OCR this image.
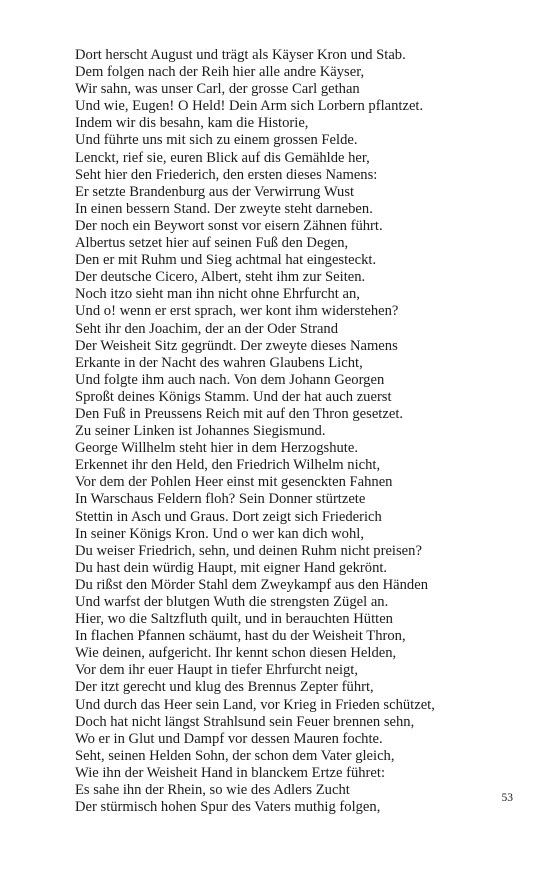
Dort herscht August und trägt als Käyser Kron und Stab.
Dem folgen nach der Reih hier alle andre Käyser,
Wir sahn, was unser Carl, der grosse Carl gethan
Und wie, Eugen! O Held! Dein Arm sich Lorbern pflantzet.
Indem wir dis besahn, kam die Historie,
Und führte uns mit sich zu einem grossen Felde.
Lenckt, rief sie, euren Blick auf dis Gemählde her,
Seht hier den Friederich, den ersten dieses Namens:
Er setzte Brandenburg aus der Verwirrung Wust
In einen bessern Stand. Der zweyte steht darneben.
Der noch ein Beywort sonst vor eisern Zähnen führt.
Albertus setzet hier auf seinen Fuß den Degen,
Den er mit Ruhm und Sieg achtmal hat eingesteckt.
Der deutsche Cicero, Albert, steht ihm zur Seiten.
Noch itzo sieht man ihn nicht ohne Ehrfurcht an,
Und o! wenn er erst sprach, wer kont ihm widerstehen?
Seht ihr den Joachim, der an der Oder Strand
Der Weisheit Sitz gegründt. Der zweyte dieses Namens
Erkante in der Nacht des wahren Glaubens Licht,
Und folgte ihm auch nach. Von dem Johann Georgen
Sproßt deines Königs Stamm. Und der hat auch zuerst
Den Fuß in Preussens Reich mit auf den Thron gesetzet.
Zu seiner Linken ist Johannes Siegismund.
George Willhelm steht hier in dem Herzogshute.
Erkennet ihr den Held, den Friedrich Wilhelm nicht,
Vor dem der Pohlen Heer einst mit gesenckten Fahnen
In Warschaus Feldern floh? Sein Donner stürtzete
Stettin in Asch und Graus. Dort zeigt sich Friederich
In seiner Königs Kron. Und o wer kan dich wohl,
Du weiser Friedrich, sehn, und deinen Ruhm nicht preisen?
Du hast dein würdig Haupt, mit eigner Hand gekrönt.
Du rißst den Mörder Stahl dem Zweykampf aus den Händen
Und warfst der blutgen Wuth die strengsten Zügel an.
Hier, wo die Saltzfluth quilt, und in berauchten Hütten
In flachen Pfannen schäumt, hast du der Weisheit Thron,
Wie deinen, aufgericht. Ihr kennt schon diesen Helden,
Vor dem ihr euer Haupt in tiefer Ehrfurcht neigt,
Der itzt gerecht und klug des Brennus Zepter führt,
Und durch das Heer sein Land, vor Krieg in Frieden schützet,
Doch hat nicht längst Strahlsund sein Feuer brennen sehn,
Wo er in Glut und Dampf vor dessen Mauren fochte.
Seht, seinen Helden Sohn, der schon dem Vater gleich,
Wie ihn der Weisheit Hand in blanckem Ertze führet:
Es sahe ihn der Rhein, so wie des Adlers Zucht
Der stürmisch hohen Spur des Vaters muthig folgen,
53
